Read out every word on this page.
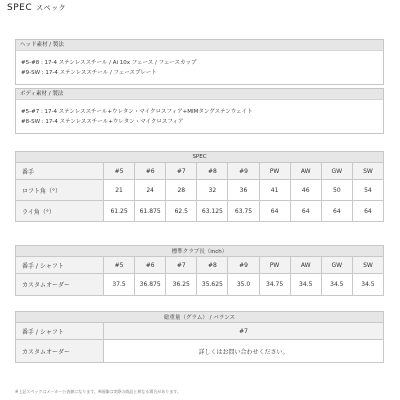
SPEC スペック
ヘッド素材 / 製法
#5-#8 : 17-4 ステンレススチール / Ai 10x フェース / フェースカップ
#9-SW : 17-4 ステンレススチール / フェースプレート
ボディ素材 / 製法
#5-#7 : 17-4 ステンレススチール+ウレタン・マイクロスフィア+MIMタングステンウェイト
#8-SW : 17-4 ステンレススチール+ウレタン・マイクロスフィア
SPEC									
番手	#5	#6	#7	#8	#9	PW	AW	GW	SW
ロフト角（°）	21	24	28	32	36	41	46	50	54
ライ角（°）	61.25	61.875	62.5	63.125	63.75	64	64	64	64
標準クラブ長（inch）									
番手 / シャフト	#5	#6	#7	#8	#9	PW	AW	GW	SW
カスタムオーダー	37.5	36.875	36.25	35.625	35.0	34.75	34.5	34.5	34.5
総重量（グラム） / バランス	
番手 / シャフト	#7
カスタムオーダー	詳しくはお問い合わせください。
※上記スペックはメーカー公表値になります。※画像は実際の商品と異なる場合があります。
